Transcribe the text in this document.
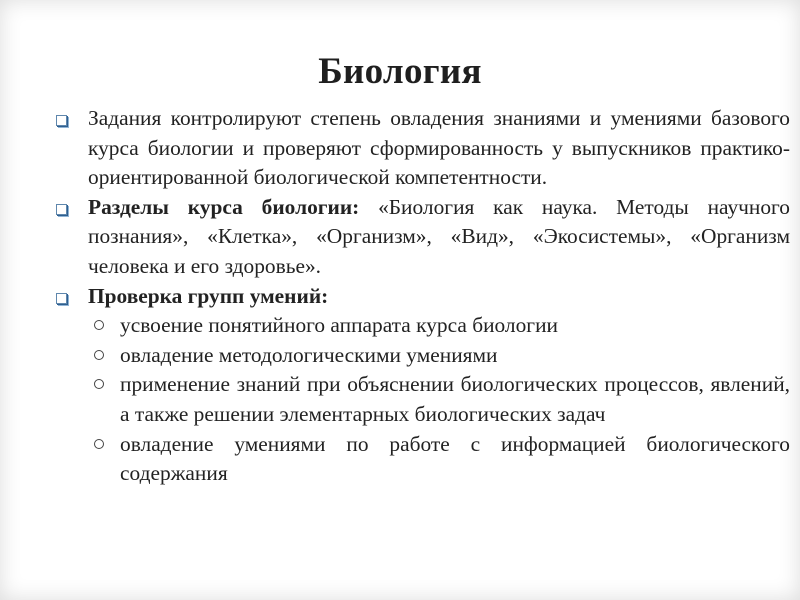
Биология
Задания контролируют степень овладения знаниями и умениями базового курса биологии и проверяют сформированность у выпускников практико-ориентированной биологической компетентности.
Разделы курса биологии: «Биология как наука. Методы научного познания», «Клетка», «Организм», «Вид», «Экосистемы», «Организм человека и его здоровье».
Проверка групп умений:
усвоение понятийного аппарата курса биологии
овладение методологическими умениями
применение знаний при объяснении биологических процессов, явлений, а также решении элементарных биологических задач
овладение умениями по работе с информацией биологического содержания
